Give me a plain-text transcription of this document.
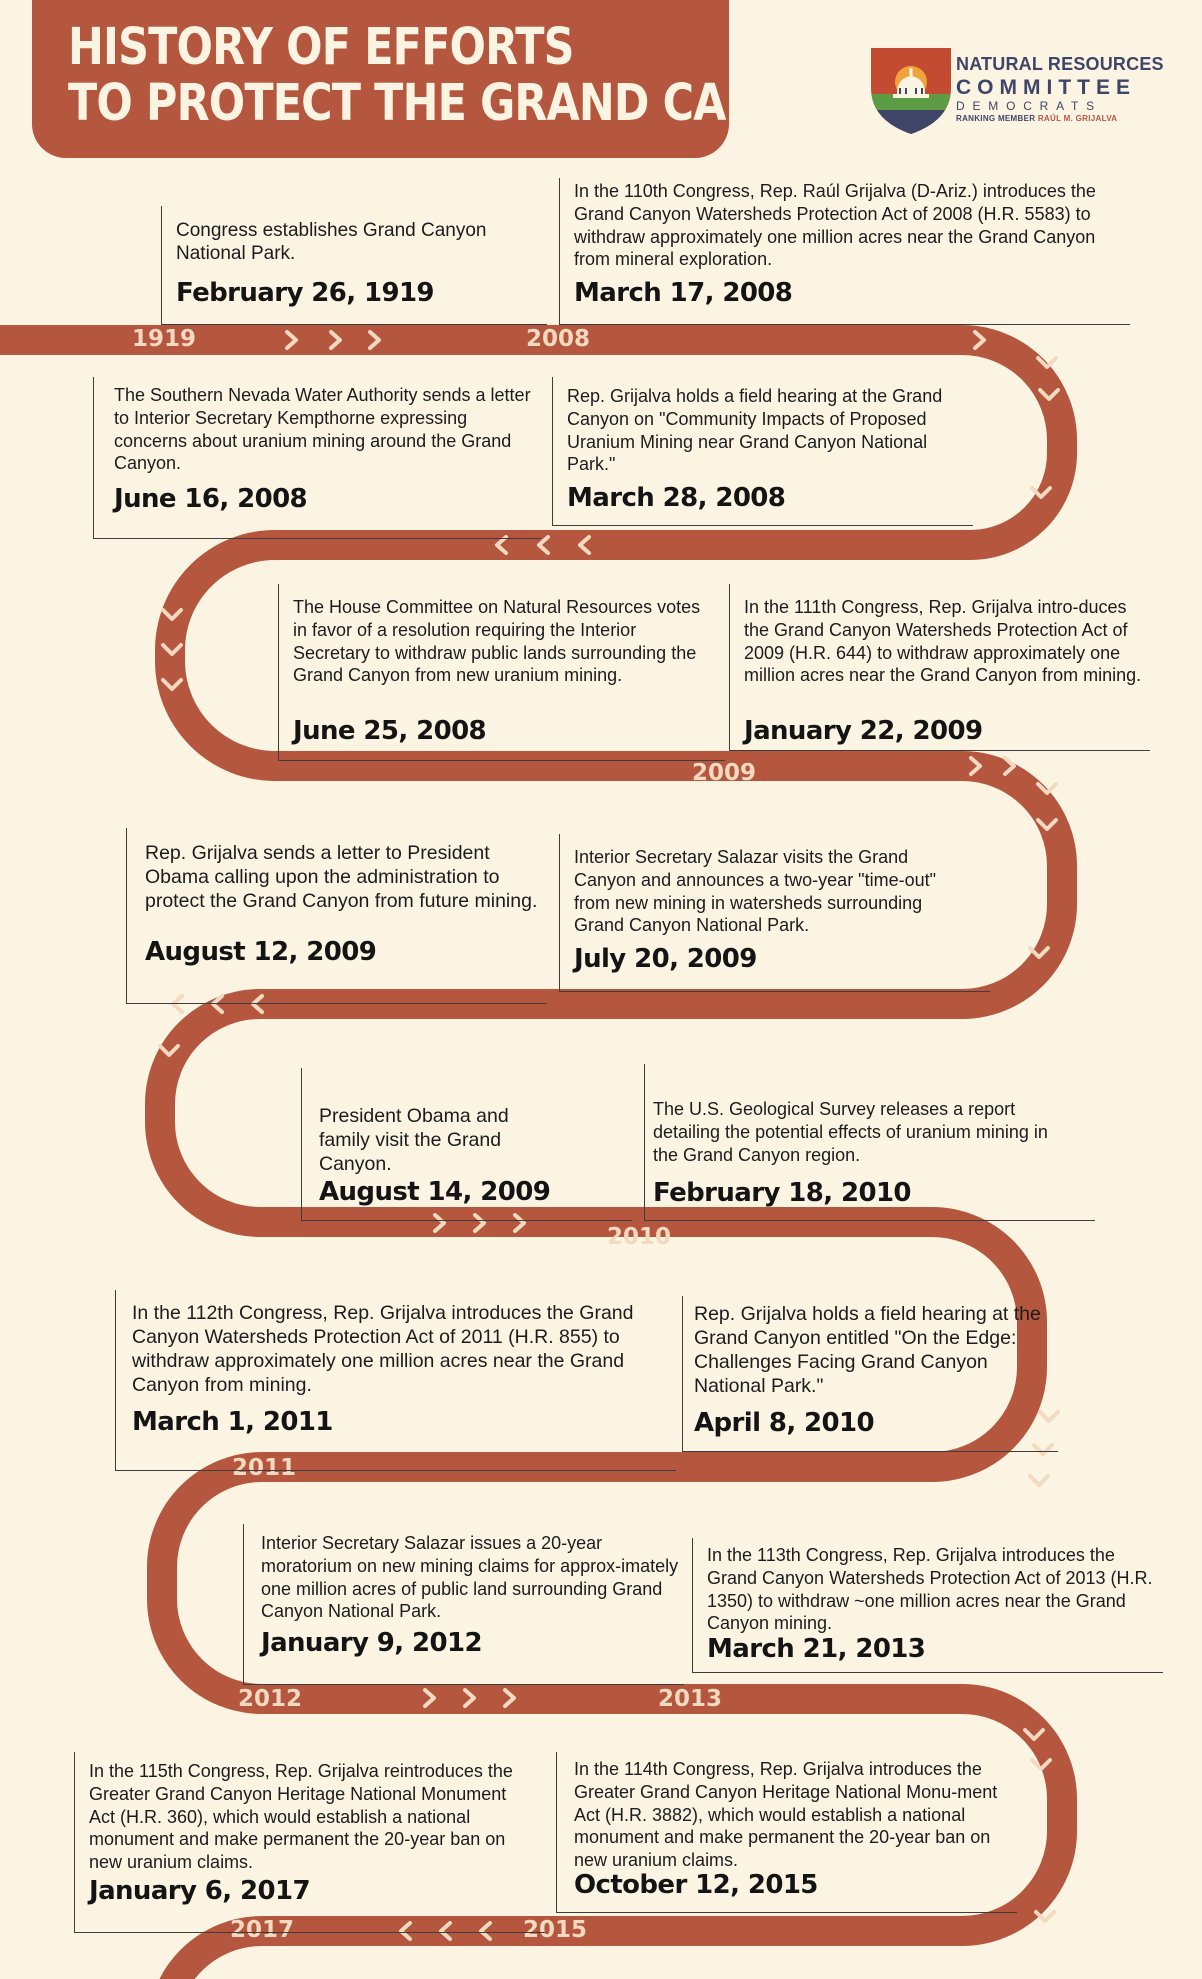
HISTORY OF EFFORTS
TO PROTECT THE GRAND CANYON
NATURAL RESOURCES
COMMITTEE
DEMOCRATS
RANKING MEMBER RAÚL M. GRIJALVA
1919	2008
2009
2010
2011
2012	2013
2017	2015
Congress establishes Grand Canyon National Park.
February 26, 1919
In the 110th Congress, Rep. Raúl Grijalva (D-Ariz.) introduces the Grand Canyon Watersheds Protection Act of 2008 (H.R. 5583) to withdraw approximately one million acres near the Grand Canyon from mineral exploration.
March 17, 2008
The Southern Nevada Water Authority sends a letter to Interior Secretary Kempthorne expressing concerns about uranium mining around the Grand Canyon.
June 16, 2008
Rep. Grijalva holds a field hearing at the Grand Canyon on "Community Impacts of Proposed Uranium Mining near Grand Canyon National Park."
March 28, 2008
The House Committee on Natural Resources votes in favor of a resolution requiring the Interior Secretary to withdraw public lands surrounding the Grand Canyon from new uranium mining.
June 25, 2008
In the 111th Congress, Rep. Grijalva intro-duces the Grand Canyon Watersheds Protection Act of 2009 (H.R. 644) to withdraw approximately one million acres near the Grand Canyon from mining.
January 22, 2009
Rep. Grijalva sends a letter to President Obama calling upon the administration to protect the Grand Canyon from future mining.
August 12, 2009
Interior Secretary Salazar visits the Grand Canyon and announces a two-year "time-out" from new mining in watersheds surrounding Grand Canyon National Park.
July 20, 2009
President Obama and family visit the Grand Canyon.
August 14, 2009
The U.S. Geological Survey releases a report detailing the potential effects of uranium mining in the Grand Canyon region.
February 18, 2010
In the 112th Congress, Rep. Grijalva introduces the Grand Canyon Watersheds Protection Act of 2011 (H.R. 855) to withdraw approximately one million acres near the Grand Canyon from mining.
March 1, 2011
Rep. Grijalva holds a field hearing at the Grand Canyon entitled "On the Edge: Challenges Facing Grand Canyon National Park."
April 8, 2010
Interior Secretary Salazar issues a 20-year moratorium on new mining claims for approx-imately one million acres of public land surrounding Grand Canyon National Park.
January 9, 2012
In the 113th Congress, Rep. Grijalva introduces the Grand Canyon Watersheds Protection Act of 2013 (H.R. 1350) to withdraw ~one million acres near the Grand Canyon mining.
March 21, 2013
In the 115th Congress, Rep. Grijalva reintroduces the Greater Grand Canyon Heritage National Monument Act (H.R. 360), which would establish a national monument and make permanent the 20-year ban on new uranium claims.
January 6, 2017
In the 114th Congress, Rep. Grijalva introduces the Greater Grand Canyon Heritage National Monu-ment Act (H.R. 3882), which would establish a national monument and make permanent the 20-year ban on new uranium claims.
October 12, 2015
